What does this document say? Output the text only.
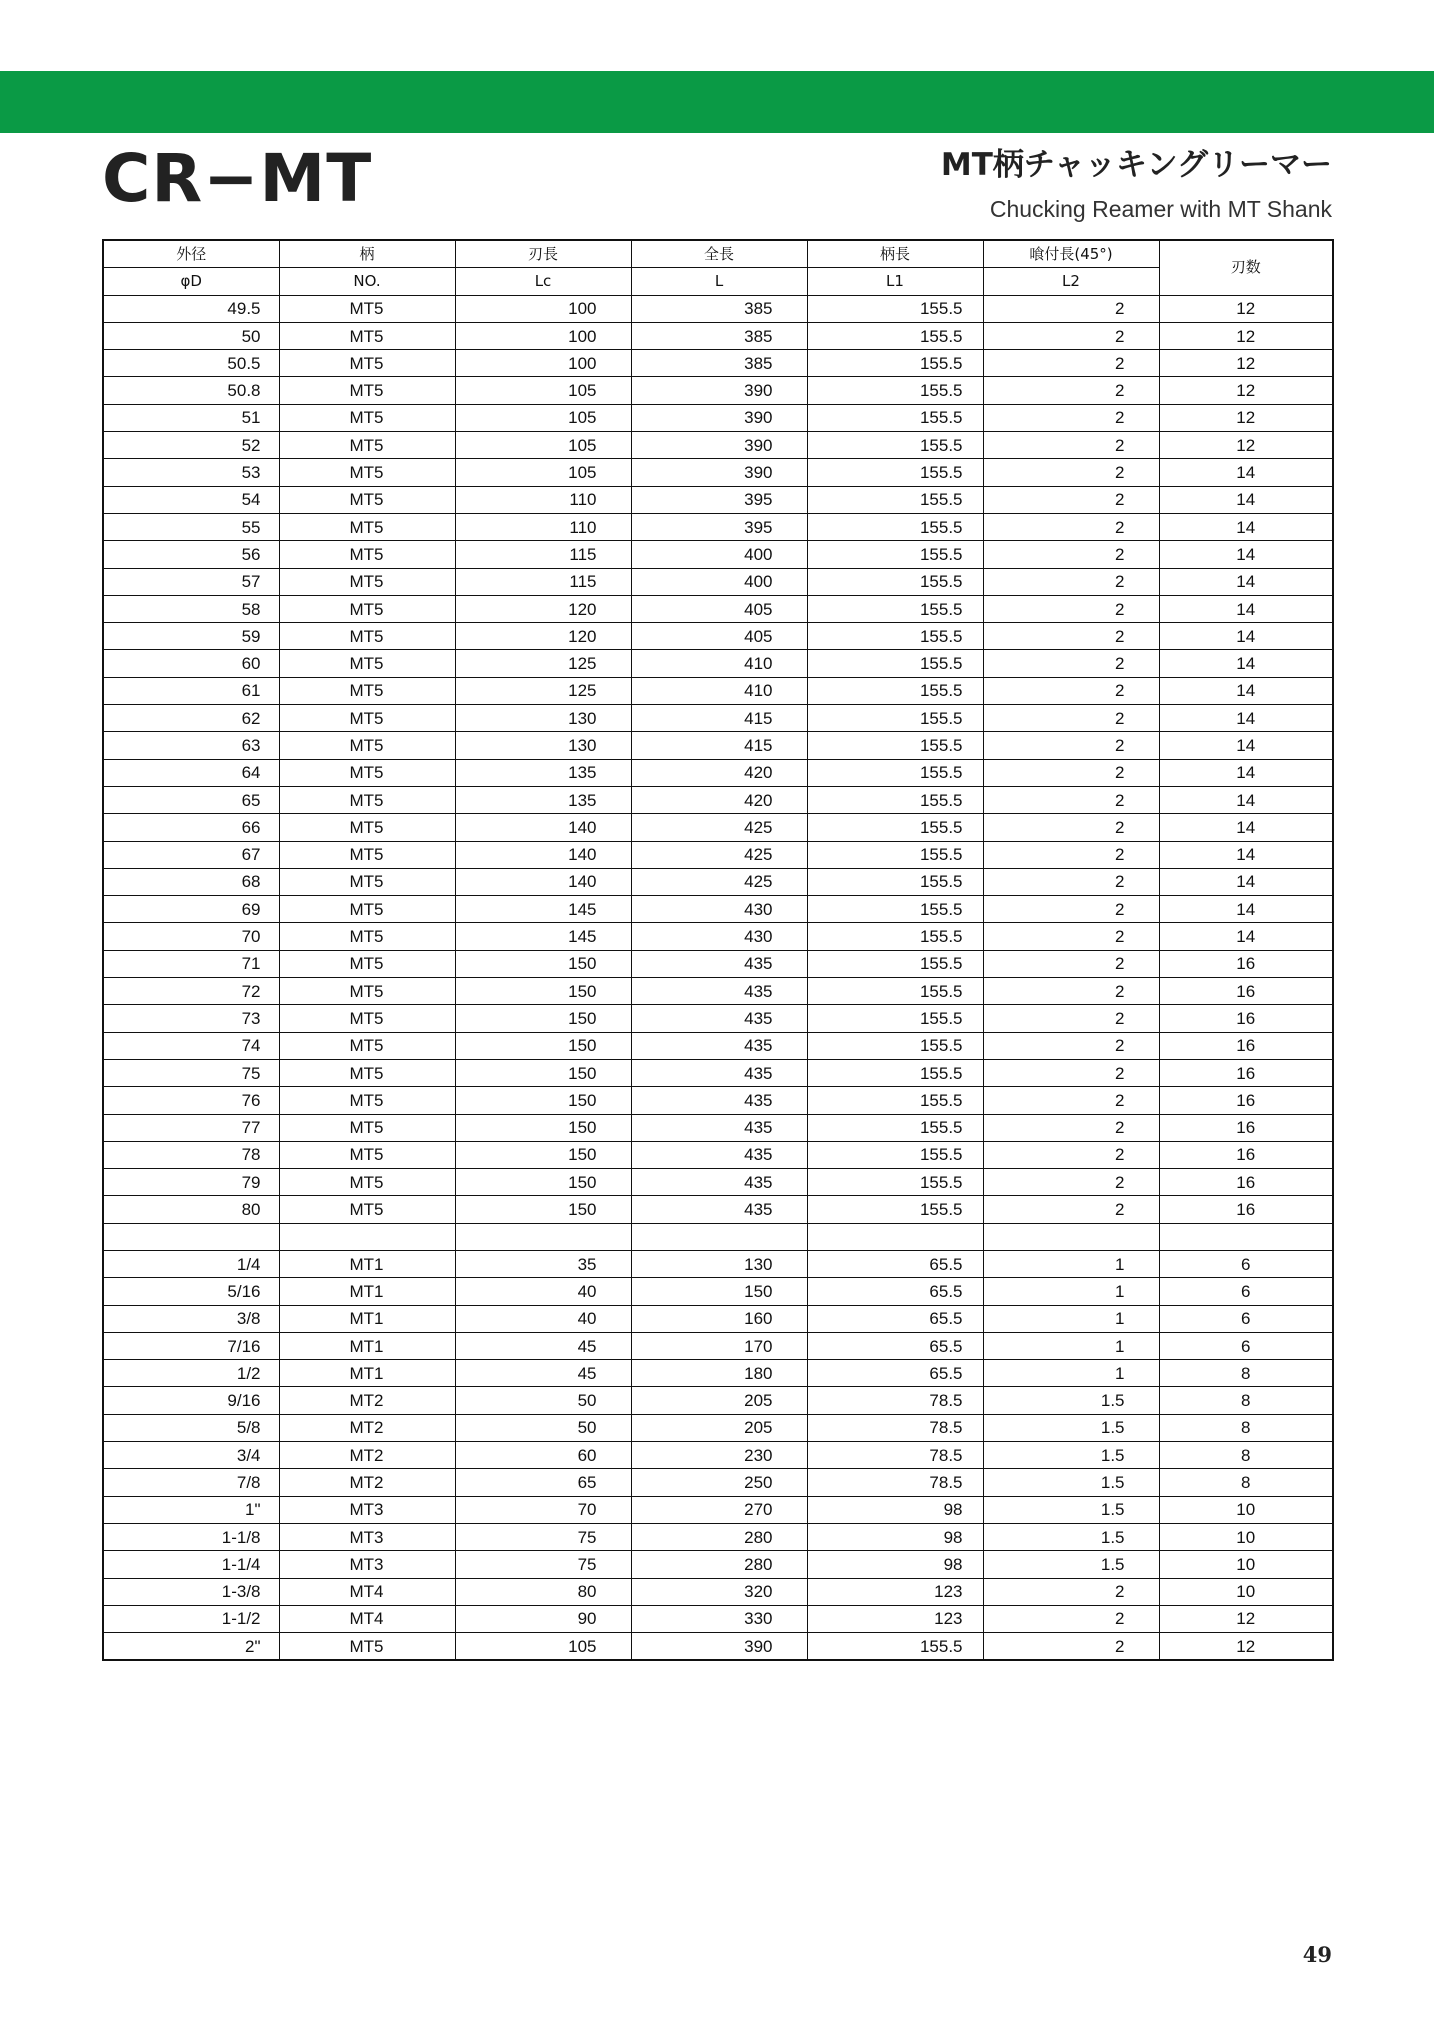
CR−MT	MT柄チャッキングリーマー
Chucking Reamer with MT Shank
外径	柄	刃長	全長	柄長	喰付長(45°)	刃数
φD	NO.	Lc	L	L1	L2	
49.5	MT5	100	385	155.5	2	12
50	MT5	100	385	155.5	2	12
50.5	MT5	100	385	155.5	2	12
50.8	MT5	105	390	155.5	2	12
51	MT5	105	390	155.5	2	12
52	MT5	105	390	155.5	2	12
53	MT5	105	390	155.5	2	14
54	MT5	110	395	155.5	2	14
55	MT5	110	395	155.5	2	14
56	MT5	115	400	155.5	2	14
57	MT5	115	400	155.5	2	14
58	MT5	120	405	155.5	2	14
59	MT5	120	405	155.5	2	14
60	MT5	125	410	155.5	2	14
61	MT5	125	410	155.5	2	14
62	MT5	130	415	155.5	2	14
63	MT5	130	415	155.5	2	14
64	MT5	135	420	155.5	2	14
65	MT5	135	420	155.5	2	14
66	MT5	140	425	155.5	2	14
67	MT5	140	425	155.5	2	14
68	MT5	140	425	155.5	2	14
69	MT5	145	430	155.5	2	14
70	MT5	145	430	155.5	2	14
71	MT5	150	435	155.5	2	16
72	MT5	150	435	155.5	2	16
73	MT5	150	435	155.5	2	16
74	MT5	150	435	155.5	2	16
75	MT5	150	435	155.5	2	16
76	MT5	150	435	155.5	2	16
77	MT5	150	435	155.5	2	16
78	MT5	150	435	155.5	2	16
79	MT5	150	435	155.5	2	16
80	MT5	150	435	155.5	2	16

1/4	MT1	35	130	65.5	1	6
5/16	MT1	40	150	65.5	1	6
3/8	MT1	40	160	65.5	1	6
7/16	MT1	45	170	65.5	1	6
1/2	MT1	45	180	65.5	1	8
9/16	MT2	50	205	78.5	1.5	8
5/8	MT2	50	205	78.5	1.5	8
3/4	MT2	60	230	78.5	1.5	8
7/8	MT2	65	250	78.5	1.5	8
1"	MT3	70	270	98	1.5	10
1-1/8	MT3	75	280	98	1.5	10
1-1/4	MT3	75	280	98	1.5	10
1-3/8	MT4	80	320	123	2	10
1-1/2	MT4	90	330	123	2	12
2"	MT5	105	390	155.5	2	12
49
